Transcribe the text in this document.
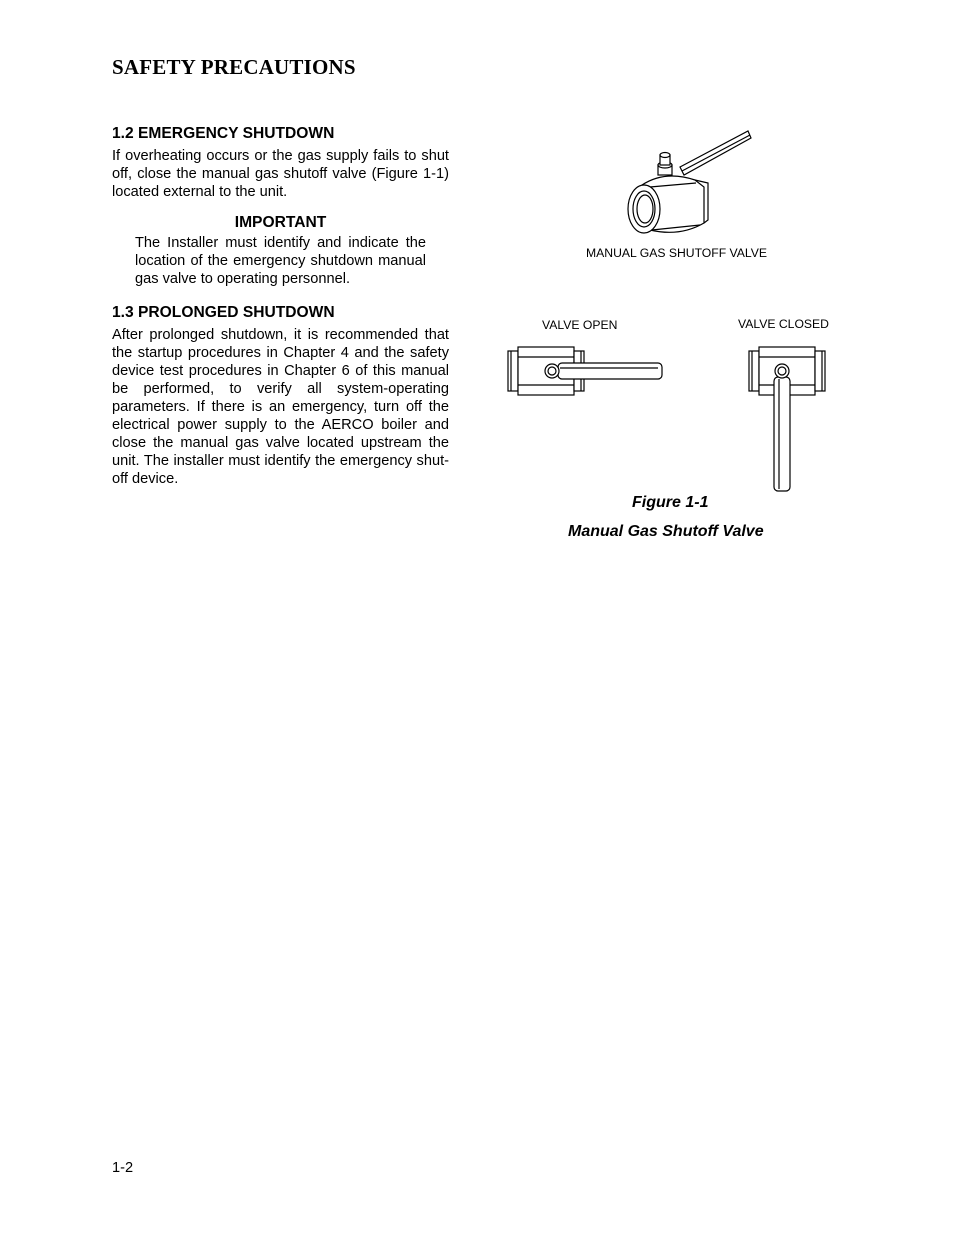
SAFETY PRECAUTIONS
1.2 EMERGENCY SHUTDOWN

If overheating occurs or the gas supply fails to shut off, close the manual gas shutoff valve (Figure 1-1) located external to the unit.

IMPORTANT

The Installer must identify and indicate the location of the emergency shutdown manual gas valve to operating personnel.

1.3 PROLONGED SHUTDOWN

After prolonged shutdown, it is recommended that the startup procedures in Chapter 4 and the safety device test procedures in Chapter 6 of this manual be performed, to verify all system-operating parameters. If there is an emergency, turn off the electrical power supply to the AERCO boiler and close the manual gas valve located upstream the unit. The installer must identify the emergency shut-off device.

MANUAL GAS SHUTOFF VALVE
VALVE OPEN	VALVE CLOSED
Figure 1-1
Manual Gas Shutoff Valve
1-2
